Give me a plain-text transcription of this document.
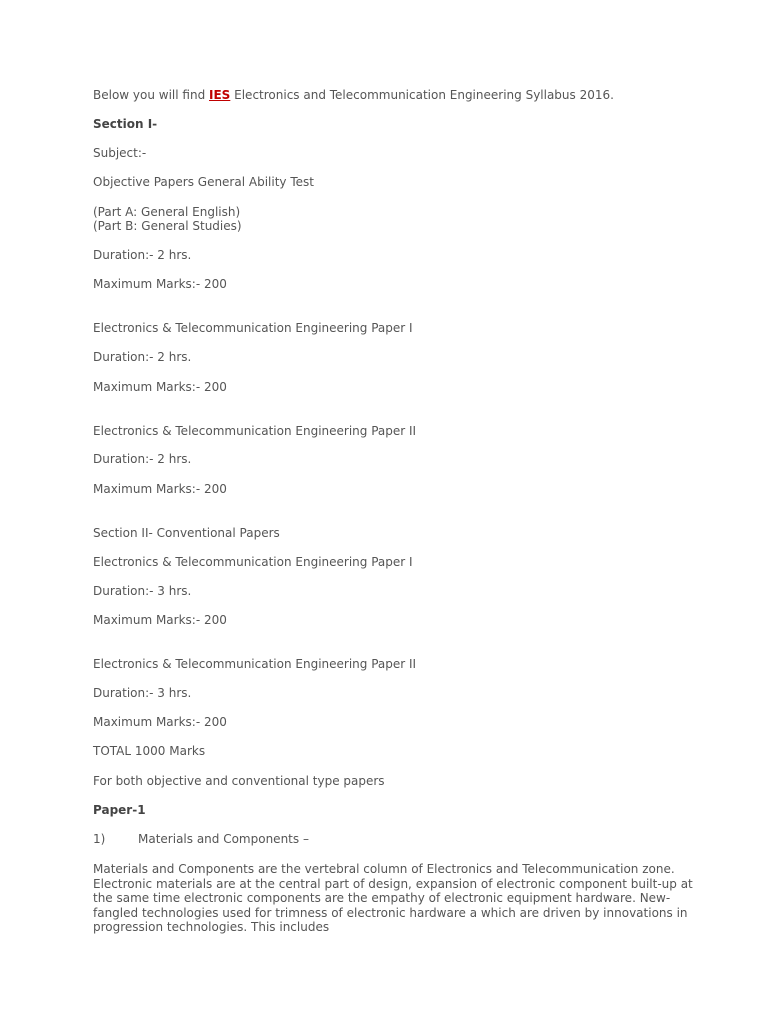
Below you will find IES Electronics and Telecommunication Engineering Syllabus 2016.
Section I-
Subject:-
Objective Papers General Ability Test
(Part A: General English)
(Part B: General Studies)
Duration:- 2 hrs.
Maximum Marks:- 200
Electronics & Telecommunication Engineering Paper I
Duration:- 2 hrs.
Maximum Marks:- 200
Electronics & Telecommunication Engineering Paper II
Duration:- 2 hrs.
Maximum Marks:- 200
Section II- Conventional Papers
Electronics & Telecommunication Engineering Paper I
Duration:- 3 hrs.
Maximum Marks:- 200
Electronics & Telecommunication Engineering Paper II
Duration:- 3 hrs.
Maximum Marks:- 200
TOTAL 1000 Marks
For both objective and conventional type papers
Paper-1
1)	Materials and Components –
Materials and Components are the vertebral column of Electronics and Telecommunication zone.
Electronic materials are at the central part of design, expansion of electronic component built-up at
the same time electronic components are the empathy of electronic equipment hardware. New-
fangled technologies used for trimness of electronic hardware a which are driven by innovations in
progression technologies. This includes
